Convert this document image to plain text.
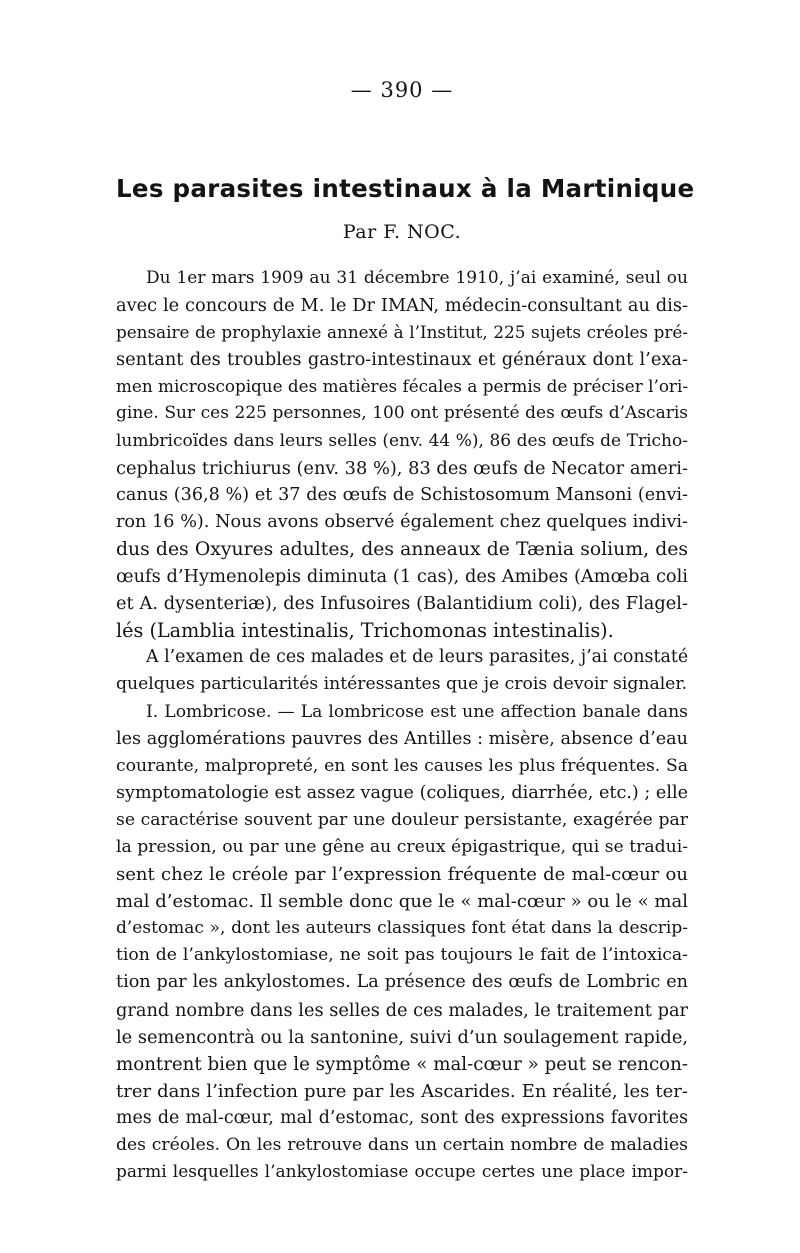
— 390 —
Les parasites intestinaux à la Martinique
Par F. NOC.
Du 1er mars 1909 au 31 décembre 1910, j’ai examiné, seul ou
avec le concours de M. le Dr IMAN, médecin-consultant au dis-
pensaire de prophylaxie annexé à l’Institut, 225 sujets créoles pré-
sentant des troubles gastro-intestinaux et généraux dont l’exa-
men microscopique des matières fécales a permis de préciser l’ori-
gine. Sur ces 225 personnes, 100 ont présenté des œufs d’Ascaris
lumbricoïdes dans leurs selles (env. 44 %), 86 des œufs de Tricho-
cephalus trichiurus (env. 38 %), 83 des œufs de Necator ameri-
canus (36,8 %) et 37 des œufs de Schistosomum Mansoni (envi-
ron 16 %). Nous avons observé également chez quelques indivi-
dus des Oxyures adultes, des anneaux de Tænia solium, des
œufs d’Hymenolepis diminuta (1 cas), des Amibes (Amœba coli
et A. dysenteriæ), des Infusoires (Balantidium coli), des Flagel-
lés (Lamblia intestinalis, Trichomonas intestinalis).
A l’examen de ces malades et de leurs parasites, j’ai constaté
quelques particularités intéressantes que je crois devoir signaler.
I. Lombricose. — La lombricose est une affection banale dans
les agglomérations pauvres des Antilles : misère, absence d’eau
courante, malpropreté, en sont les causes les plus fréquentes. Sa
symptomatologie est assez vague (coliques, diarrhée, etc.) ; elle
se caractérise souvent par une douleur persistante, exagérée par
la pression, ou par une gêne au creux épigastrique, qui se tradui-
sent chez le créole par l’expression fréquente de mal-cœur ou
mal d’estomac. Il semble donc que le « mal-cœur » ou le « mal
d’estomac », dont les auteurs classiques font état dans la descrip-
tion de l’ankylostomiase, ne soit pas toujours le fait de l’intoxica-
tion par les ankylostomes. La présence des œufs de Lombric en
grand nombre dans les selles de ces malades, le traitement par
le semencontrà ou la santonine, suivi d’un soulagement rapide,
montrent bien que le symptôme « mal-cœur » peut se rencon-
trer dans l’infection pure par les Ascarides. En réalité, les ter-
mes de mal-cœur, mal d’estomac, sont des expressions favorites
des créoles. On les retrouve dans un certain nombre de maladies
parmi lesquelles l’ankylostomiase occupe certes une place impor-
